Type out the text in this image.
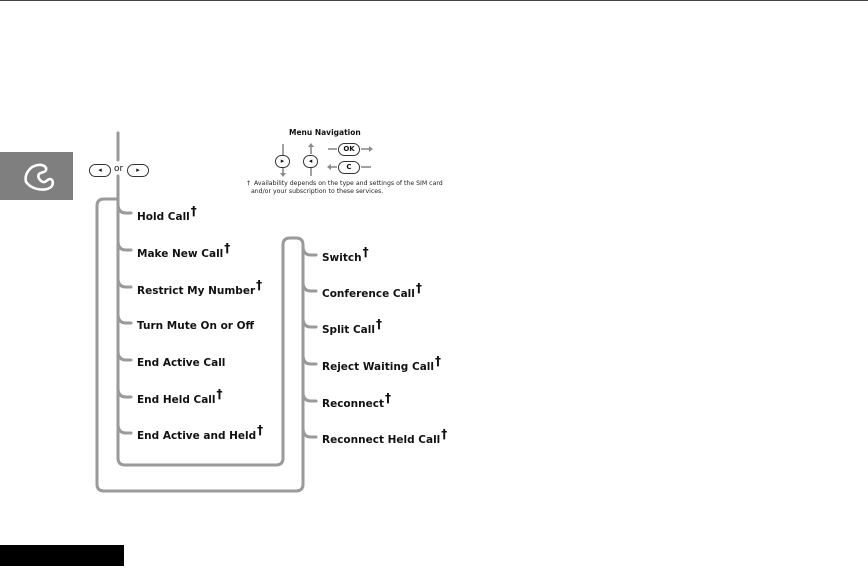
◂	or	▸
Menu Navigation
▸	◂
OK
C
† Availability depends on the type and settings of the SIM card
and/or your subscription to these services.
Hold Call†
Make New Call†
Restrict My Number†
Turn Mute On or Off
End Active Call
End Held Call†
End Active and Held†
Switch†
Conference Call†
Split Call†
Reject Waiting Call†
Reconnect†
Reconnect Held Call†
